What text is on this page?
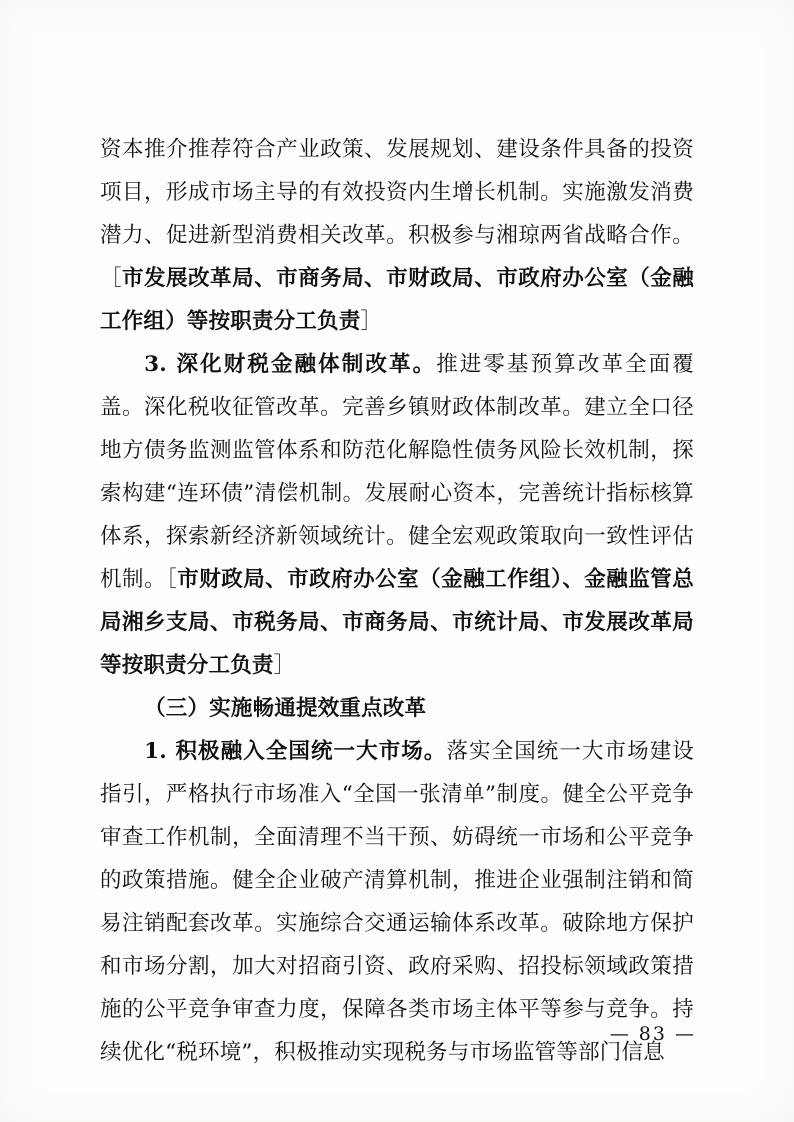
资本推介推荐符合产业政策、发展规划、建设条件具备的投资项目，形成市场主导的有效投资内生增长机制。实施激发消费潜力、促进新型消费相关改革。积极参与湘琼两省战略合作。［市发展改革局、市商务局、市财政局、市政府办公室（金融工作组）等按职责分工负责］

3. 深化财税金融体制改革。推进零基预算改革全面覆盖。深化税收征管改革。完善乡镇财政体制改革。建立全口径地方债务监测监管体系和防范化解隐性债务风险长效机制，探索构建“连环债”清偿机制。发展耐心资本，完善统计指标核算体系，探索新经济新领域统计。健全宏观政策取向一致性评估机制。［市财政局、市政府办公室（金融工作组）、金融监管总局湘乡支局、市税务局、市商务局、市统计局、市发展改革局等按职责分工负责］

（三）实施畅通提效重点改革

1. 积极融入全国统一大市场。落实全国统一大市场建设指引，严格执行市场准入“全国一张清单”制度。健全公平竞争审查工作机制，全面清理不当干预、妨碍统一市场和公平竞争的政策措施。健全企业破产清算机制，推进企业强制注销和简易注销配套改革。实施综合交通运输体系改革。破除地方保护和市场分割，加大对招商引资、政府采购、招投标领域政策措施的公平竞争审查力度，保障各类市场主体平等参与竞争。持续优化“税环境”，积极推动实现税务与市场监管等部门信息

— 83 —
